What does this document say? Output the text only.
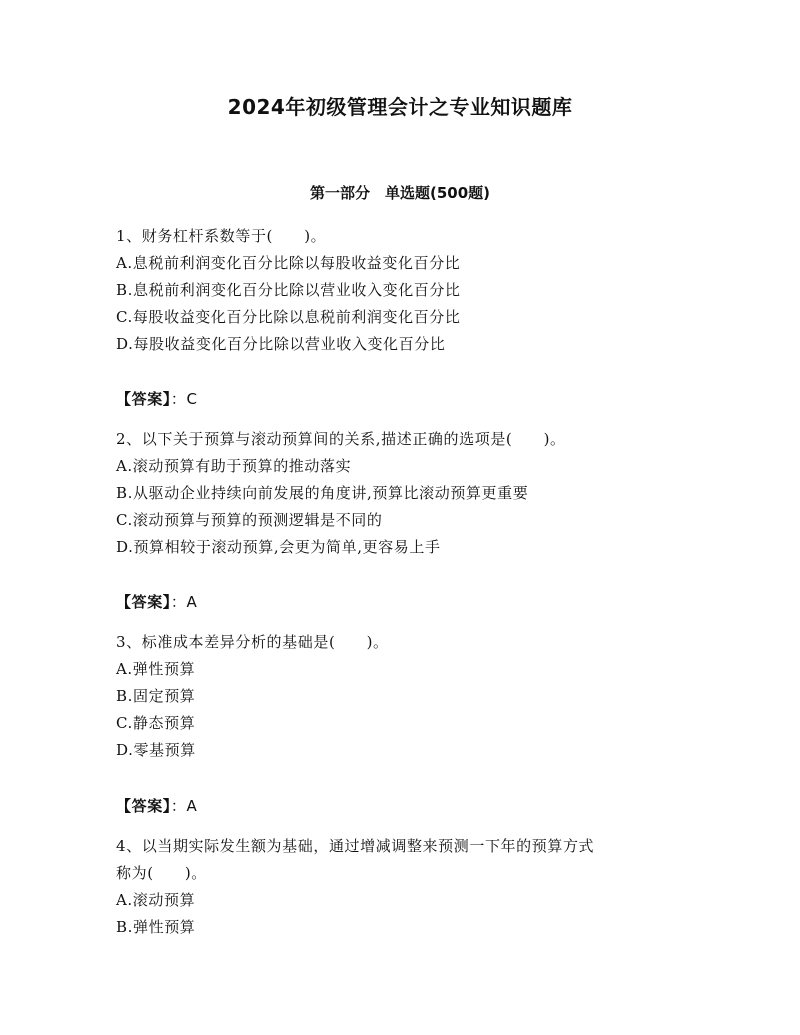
2024年初级管理会计之专业知识题库
第一部分　单选题(500题)
1、财务杠杆系数等于(　　)。
A.息税前利润变化百分比除以每股收益变化百分比
B.息税前利润变化百分比除以营业收入变化百分比
C.每股收益变化百分比除以息税前利润变化百分比
D.每股收益变化百分比除以营业收入变化百分比
【答案】：C
2、以下关于预算与滚动预算间的关系,描述正确的选项是(　　)。
A.滚动预算有助于预算的推动落实
B.从驱动企业持续向前发展的角度讲,预算比滚动预算更重要
C.滚动预算与预算的预测逻辑是不同的
D.预算相较于滚动预算,会更为简单,更容易上手
【答案】：A
3、标准成本差异分析的基础是(　　)。
A.弹性预算
B.固定预算
C.静态预算
D.零基预算
【答案】：A
4、以当期实际发生额为基础，通过增减调整来预测一下年的预算方式
称为(　　)。
A.滚动预算
B.弹性预算
